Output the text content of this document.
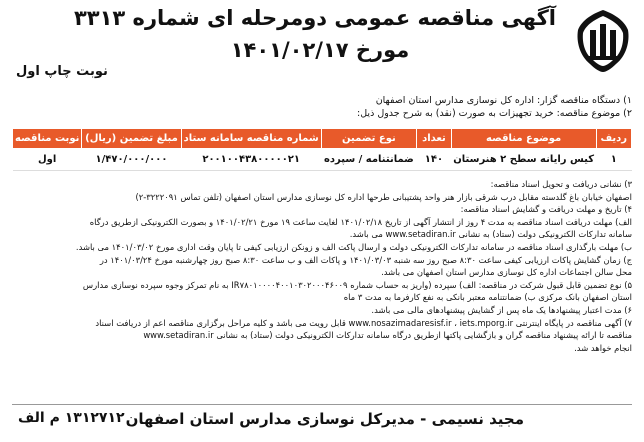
آگهی مناقصه عمومی دومرحله ای شماره ۳۳۱۳
مورخ ۱۴۰۱/۰۲/۱۷
نوبت چاپ اول
۱) دستگاه مناقصه گزار: اداره کل نوسازی مدارس استان اصفهان
۲) موضوع مناقصه: خرید تجهیزات به صورت (نقد) به شرح جدول ذیل:
ردیف	موضوع مناقصه	تعداد	نوع تضمین	شماره مناقصه سامانه ستاد	مبلغ تضمین (ریال)	نوبت مناقصه
۱	کیس رایانه سطح ۲ هنرستان	۱۴۰	ضمانتنامه / سپرده	۲۰۰۱۰۰۴۳۸۰۰۰۰۰۲۱	۱/۴۷۰/۰۰۰/۰۰۰	اول

۳) نشانی دریافت و تحویل اسناد مناقصه:

اصفهان خیابان باغ گلدسته مقابل درب شرقی بازار هنر واحد پشتیبانی طرحها اداره کل نوسازی مدارس استان اصفهان (تلفن تماس ۳۲۲۲۰۹۱-۲)

۴) تاریخ و مهلت دریافت و گشایش اسناد مناقصه:

الف) مهلت دریافت اسناد مناقصه به مدت ۴ روز از انتشار آگهی از تاریخ ۱۴۰۱/۰۲/۱۸ لغایت ساعت ۱۹ مورخ ۱۴۰۱/۰۲/۲۱ و بصورت الکترونیکی ازطریق درگاه

سامانه تدارکات الکترونیکی دولت (ستاد) به نشانی www.setadiran.ir می باشد.

ب) مهلت بارگذاری اسناد مناقصه در سامانه تدارکات الکترونیکی دولت و ارسال پاکت الف و زونکن ارزیابی کیفی تا پایان وقت اداری مورخ ۱۴۰۱/۰۳/۰۲ می باشد.

ج) زمان گشایش پاکات ارزیابی کیفی ساعت ۸:۳۰ صبح روز سه شنبه ۱۴۰۱/۰۳/۰۳ و پاکات الف و ب ساعت ۸:۳۰ صبح روز چهارشنبه مورخ ۱۴۰۱/۰۳/۲۴ در

محل سالن اجتماعات اداره کل نوسازی مدارس استان اصفهان می باشد.

۵) نوع تضمین قابل قبول شرکت در مناقصه: الف) سپرده (واریز به حساب شماره IR۷۸۰۱۰۰۰۰۴۰۰۱۰۳۰۲۰۰۰۴۶۰۰۹ به نام تمرکز وجوه سپرده نوسازی مدارس

استان اصفهان بانک مرکزی ب) ضمانتنامه معتبر بانکی به نفع کارفرما به مدت ۳ ماه

۶) مدت اعتبار پیشنهادها یک ماه پس از گشایش پیشنهادهای مالی می باشد.

۷) آگهی مناقصه در پایگاه اینترنتی www.nosazimadaresisf.ir ، iets.mporg.ir قابل رویت می باشد و کلیه مراحل برگزاری مناقصه اعم از دریافت اسناد

مناقصه تا ارائه پیشنهاد مناقصه گران و بازگشایی پاکتها ازطریق درگاه سامانه تدارکات الکترونیکی دولت (ستاد) به نشانی www.setadiran.ir

انجام خواهد شد.

مجید نسیمی - مدیرکل نوسازی مدارس استان اصفهان
۱۳۱۲۷۱۲ م الف
